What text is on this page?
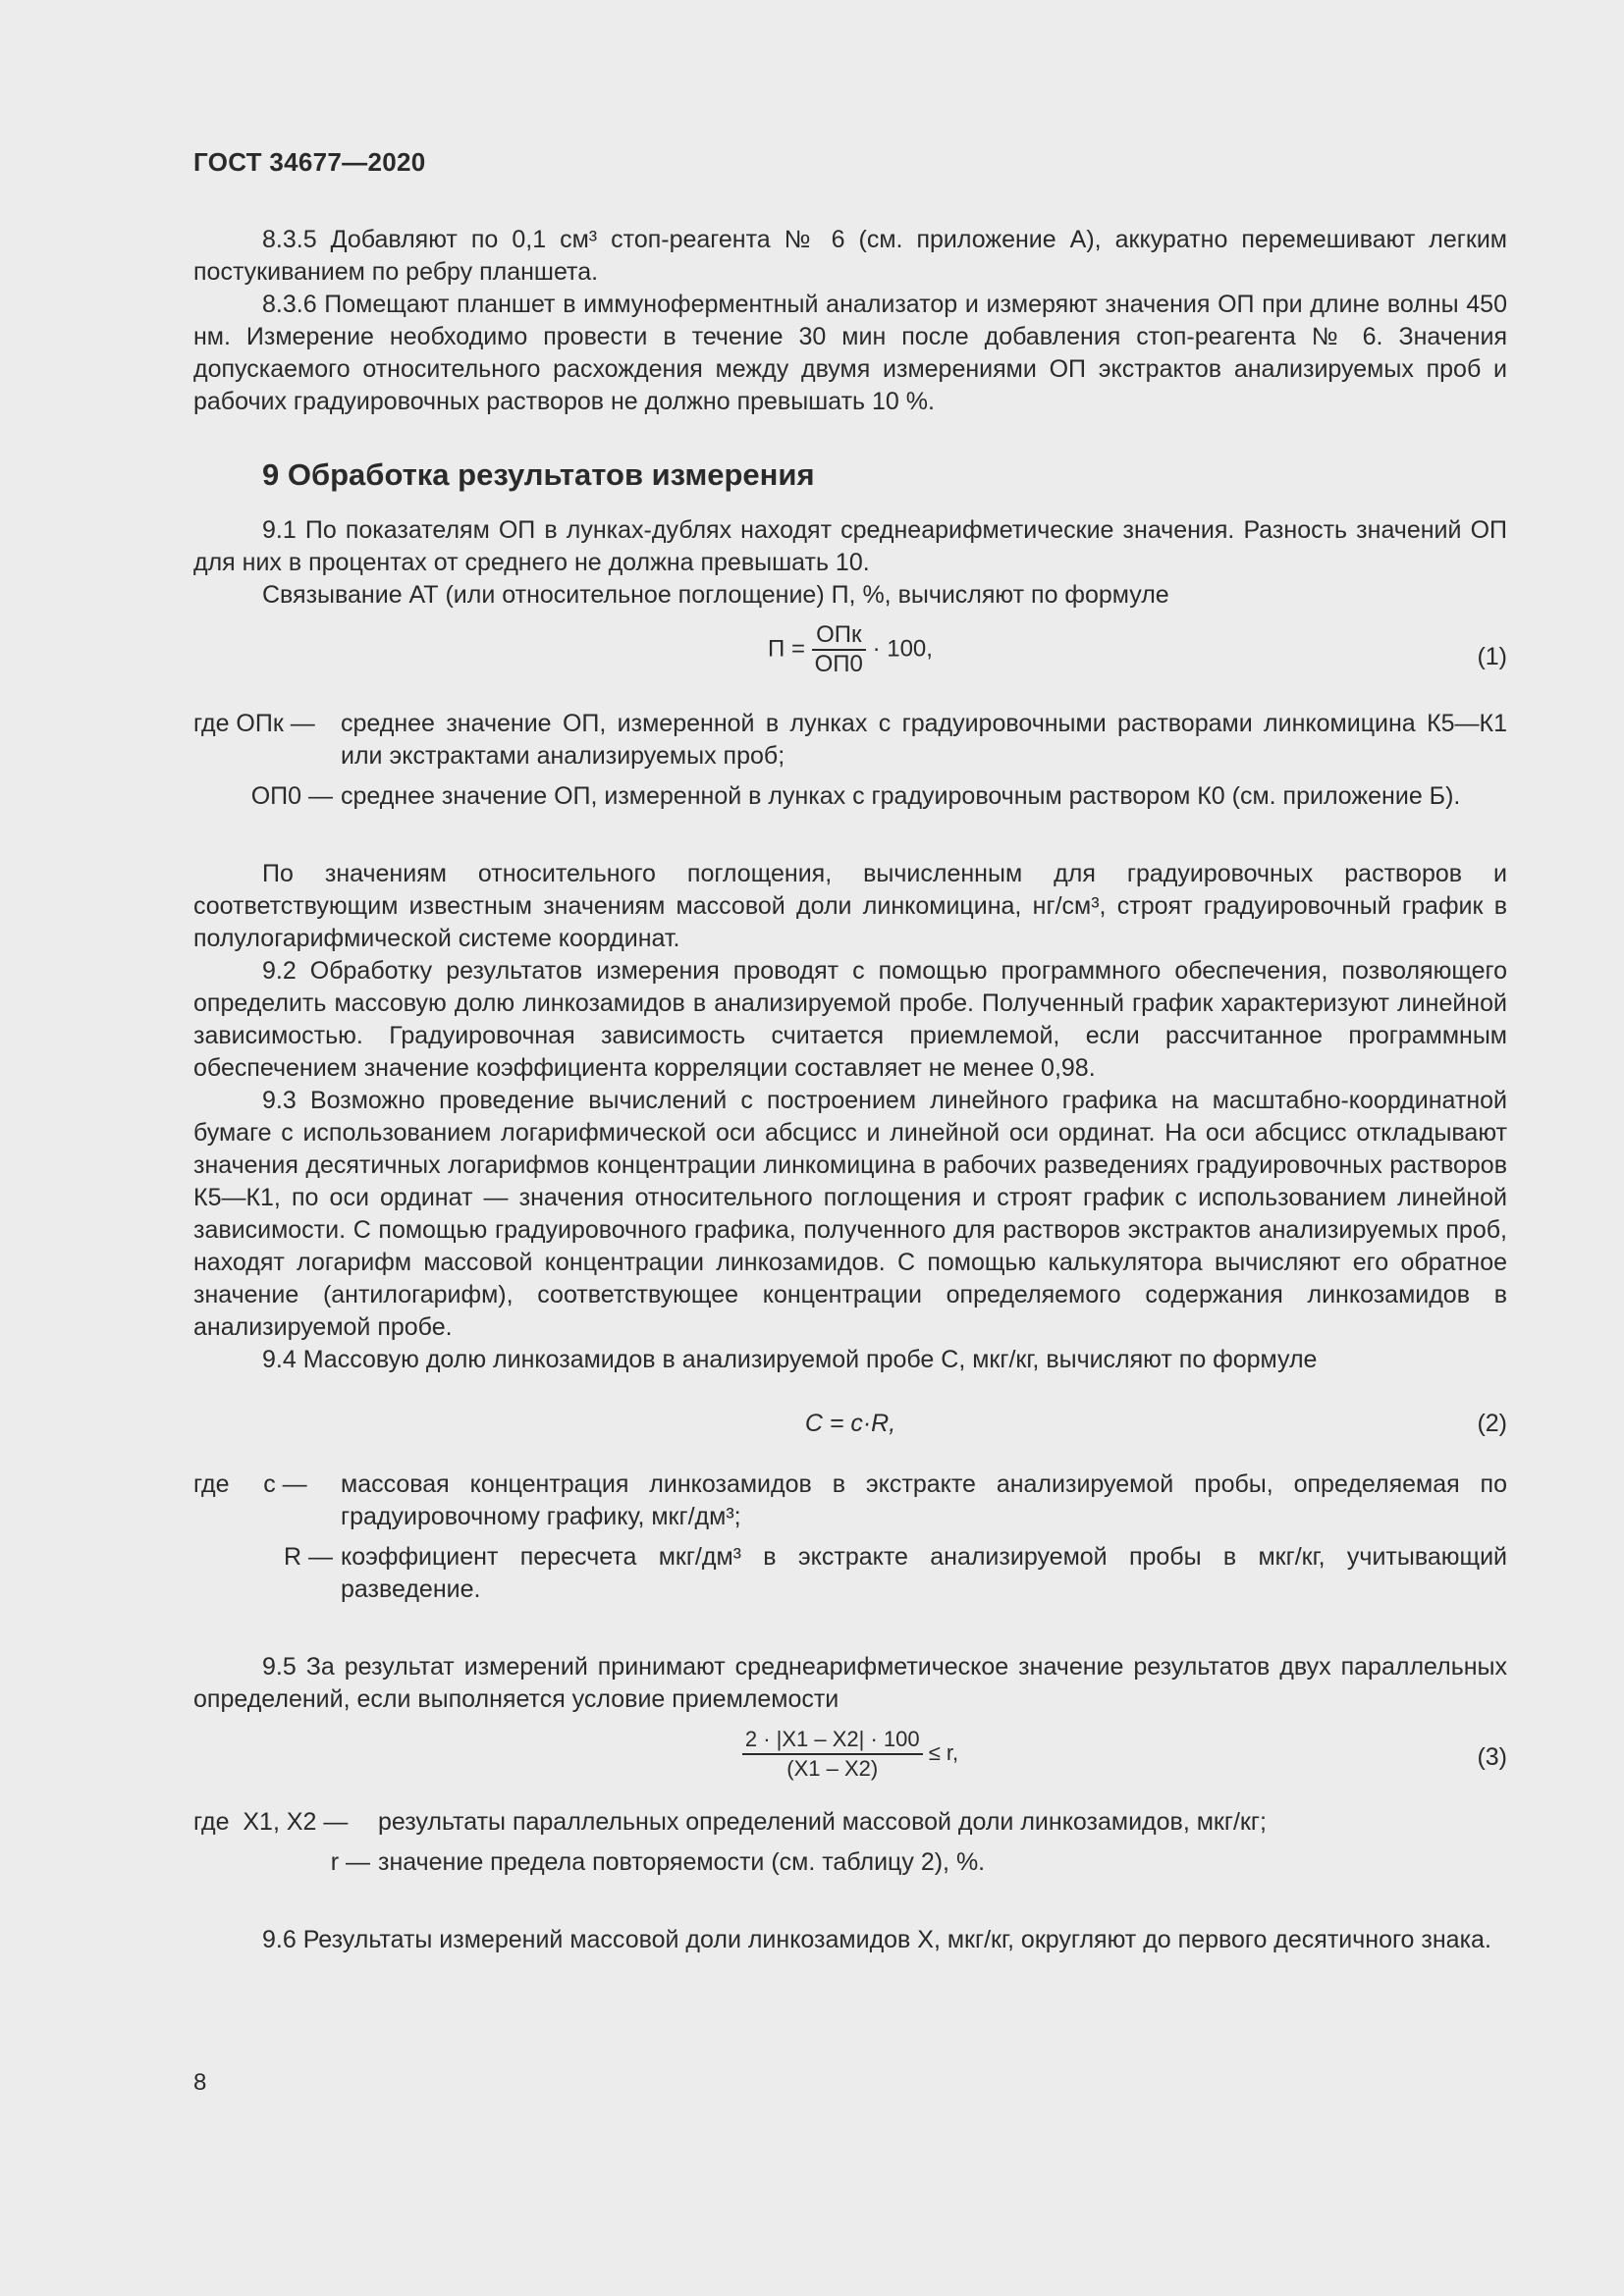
ГОСТ 34677—2020

8.3.5 Добавляют по 0,1 см³ стоп-реагента № 6 (см. приложение А), аккуратно перемешивают легким постукиванием по ребру планшета.

8.3.6 Помещают планшет в иммуноферментный анализатор и измеряют значения ОП при длине волны 450 нм. Измерение необходимо провести в течение 30 мин после добавления стоп-реагента № 6. Значения допускаемого относительного расхождения между двумя измерениями ОП экстрактов анализируемых проб и рабочих градуировочных растворов не должно превышать 10 %.

9 Обработка результатов измерения

9.1 По показателям ОП в лунках-дублях находят среднеарифметические значения. Разность значений ОП для них в процентах от среднего не должна превышать 10.

Связывание АТ (или относительное поглощение) П, %, вычисляют по формуле

$П = \frac{\text{ОПк}}{ОП0} \cdot 100$,	(1)
где ОПк —	среднее значение ОП, измеренной в лунках с градуировочными растворами линкомицина К5—К1 или экстрактами анализируемых проб;
ОП0 — среднее значение ОП, измеренной в лунках с градуировочным раствором К0 (см. приложение Б).

По значениям относительного поглощения, вычисленным для градуировочных растворов и соответствующим известным значениям массовой доли линкомицина, нг/см³, строят градуировочный график в полулогарифмической системе координат.

9.2 Обработку результатов измерения проводят с помощью программного обеспечения, позволяющего определить массовую долю линкозамидов в анализируемой пробе. Полученный график характеризуют линейной зависимостью. Градуировочная зависимость считается приемлемой, если рассчитанное программным обеспечением значение коэффициента корреляции составляет не менее 0,98.

9.3 Возможно проведение вычислений с построением линейного графика на масштабно-координатной бумаге с использованием логарифмической оси абсцисс и линейной оси ординат. На оси абсцисс откладывают значения десятичных логарифмов концентрации линкомицина в рабочих разведениях градуировочных растворов К5—К1, по оси ординат — значения относительного поглощения и строят график с использованием линейной зависимости. С помощью градуировочного графика, полученного для растворов экстрактов анализируемых проб, находят логарифм массовой концентрации линкозамидов. С помощью калькулятора вычисляют его обратное значение (антилогарифм), соответствующее концентрации определяемого содержания линкозамидов в анализируемой пробе.

9.4 Массовую долю линкозамидов в анализируемой пробе С, мкг/кг, вычисляют по формуле

C = c·R,	(2)
где     c —	массовая концентрация линкозамидов в экстракте анализируемой пробы, определяемая по градуировочному графику, мкг/дм³;
R — коэффициент пересчета мкг/дм³ в экстракте анализируемой пробы в мкг/кг, учитывающий разведение.

9.5 За результат измерений принимают среднеарифметическое значение результатов двух параллельных определений, если выполняется условие приемлемости

$\frac{2 \cdot |X1 - X2| \cdot 100}{(X1 - X2)} \le r$,	(3)
где  X1, X2 —	результаты параллельных определений массовой доли линкозамидов, мкг/кг;
r — значение предела повторяемости (см. таблицу 2), %.

9.6 Результаты измерений массовой доли линкозамидов X, мкг/кг, округляют до первого десятичного знака.

8
